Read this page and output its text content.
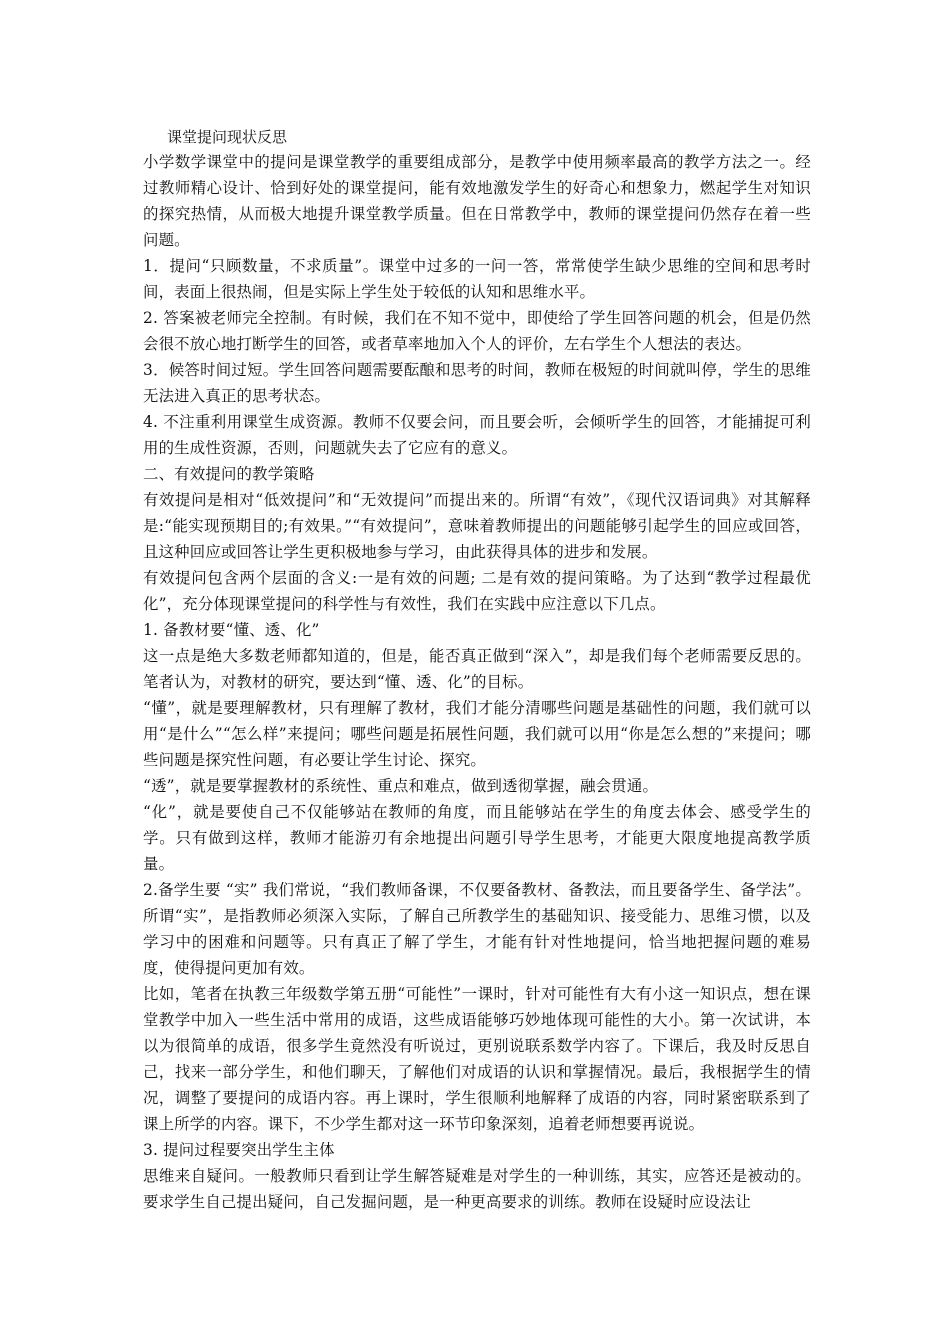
课堂提问现状反思

小学数学课堂中的提问是课堂教学的重要组成部分，是教学中使用频率最高的教学方法之一。经过教师精心设计、恰到好处的课堂提问，能有效地激发学生的好奇心和想象力，燃起学生对知识的探究热情，从而极大地提升课堂教学质量。但在日常教学中，教师的课堂提问仍然存在着一些问题。

1．提问“只顾数量，不求质量”。课堂中过多的一问一答，常常使学生缺少思维的空间和思考时间，表面上很热闹，但是实际上学生处于较低的认知和思维水平。

2. 答案被老师完全控制。有时候，我们在不知不觉中，即使给了学生回答问题的机会，但是仍然会很不放心地打断学生的回答，或者草率地加入个人的评价，左右学生个人想法的表达。

3．候答时间过短。学生回答问题需要酝酿和思考的时间，教师在极短的时间就叫停，学生的思维无法进入真正的思考状态。

4. 不注重利用课堂生成资源。教师不仅要会问，而且要会听，会倾听学生的回答，才能捕捉可利用的生成性资源，否则，问题就失去了它应有的意义。

二、有效提问的教学策略

有效提问是相对“低效提问”和“无效提问”而提出来的。所谓“有效”，《现代汉语词典》对其解释是:“能实现预期目的;有效果。”“有效提问”，意味着教师提出的问题能够引起学生的回应或回答，且这种回应或回答让学生更积极地参与学习，由此获得具体的进步和发展。

有效提问包含两个层面的含义:一是有效的问题; 二是有效的提问策略。为了达到“教学过程最优化”，充分体现课堂提问的科学性与有效性，我们在实践中应注意以下几点。

1. 备教材要“懂、透、化”

这一点是绝大多数老师都知道的，但是，能否真正做到“深入”，却是我们每个老师需要反思的。笔者认为，对教材的研究，要达到“懂、透、化”的目标。

“懂”，就是要理解教材，只有理解了教材，我们才能分清哪些问题是基础性的问题，我们就可以用“是什么”“怎么样”来提问；哪些问题是拓展性问题，我们就可以用“你是怎么想的”来提问；哪些问题是探究性问题，有必要让学生讨论、探究。

“透”，就是要掌握教材的系统性、重点和难点，做到透彻掌握，融会贯通。

“化”，就是要使自己不仅能够站在教师的角度，而且能够站在学生的角度去体会、感受学生的学。只有做到这样，教师才能游刃有余地提出问题引导学生思考，才能更大限度地提高教学质量。

2.备学生要 “实” 我们常说，“我们教师备课，不仅要备教材、备教法，而且要备学生、备学法”。所谓“实”，是指教师必须深入实际，了解自己所教学生的基础知识、接受能力、思维习惯，以及学习中的困难和问题等。只有真正了解了学生，才能有针对性地提问，恰当地把握问题的难易度，使得提问更加有效。

比如，笔者在执教三年级数学第五册“可能性”一课时，针对可能性有大有小这一知识点，想在课堂教学中加入一些生活中常用的成语，这些成语能够巧妙地体现可能性的大小。第一次试讲，本以为很简单的成语，很多学生竟然没有听说过，更别说联系数学内容了。下课后，我及时反思自己，找来一部分学生，和他们聊天，了解他们对成语的认识和掌握情况。最后，我根据学生的情况，调整了要提问的成语内容。再上课时，学生很顺利地解释了成语的内容，同时紧密联系到了课上所学的内容。课下，不少学生都对这一环节印象深刻，追着老师想要再说说。

3. 提问过程要突出学生主体

思维来自疑问。一般教师只看到让学生解答疑难是对学生的一种训练，其实，应答还是被动的。要求学生自己提出疑问，自己发掘问题，是一种更高要求的训练。教师在设疑时应设法让
